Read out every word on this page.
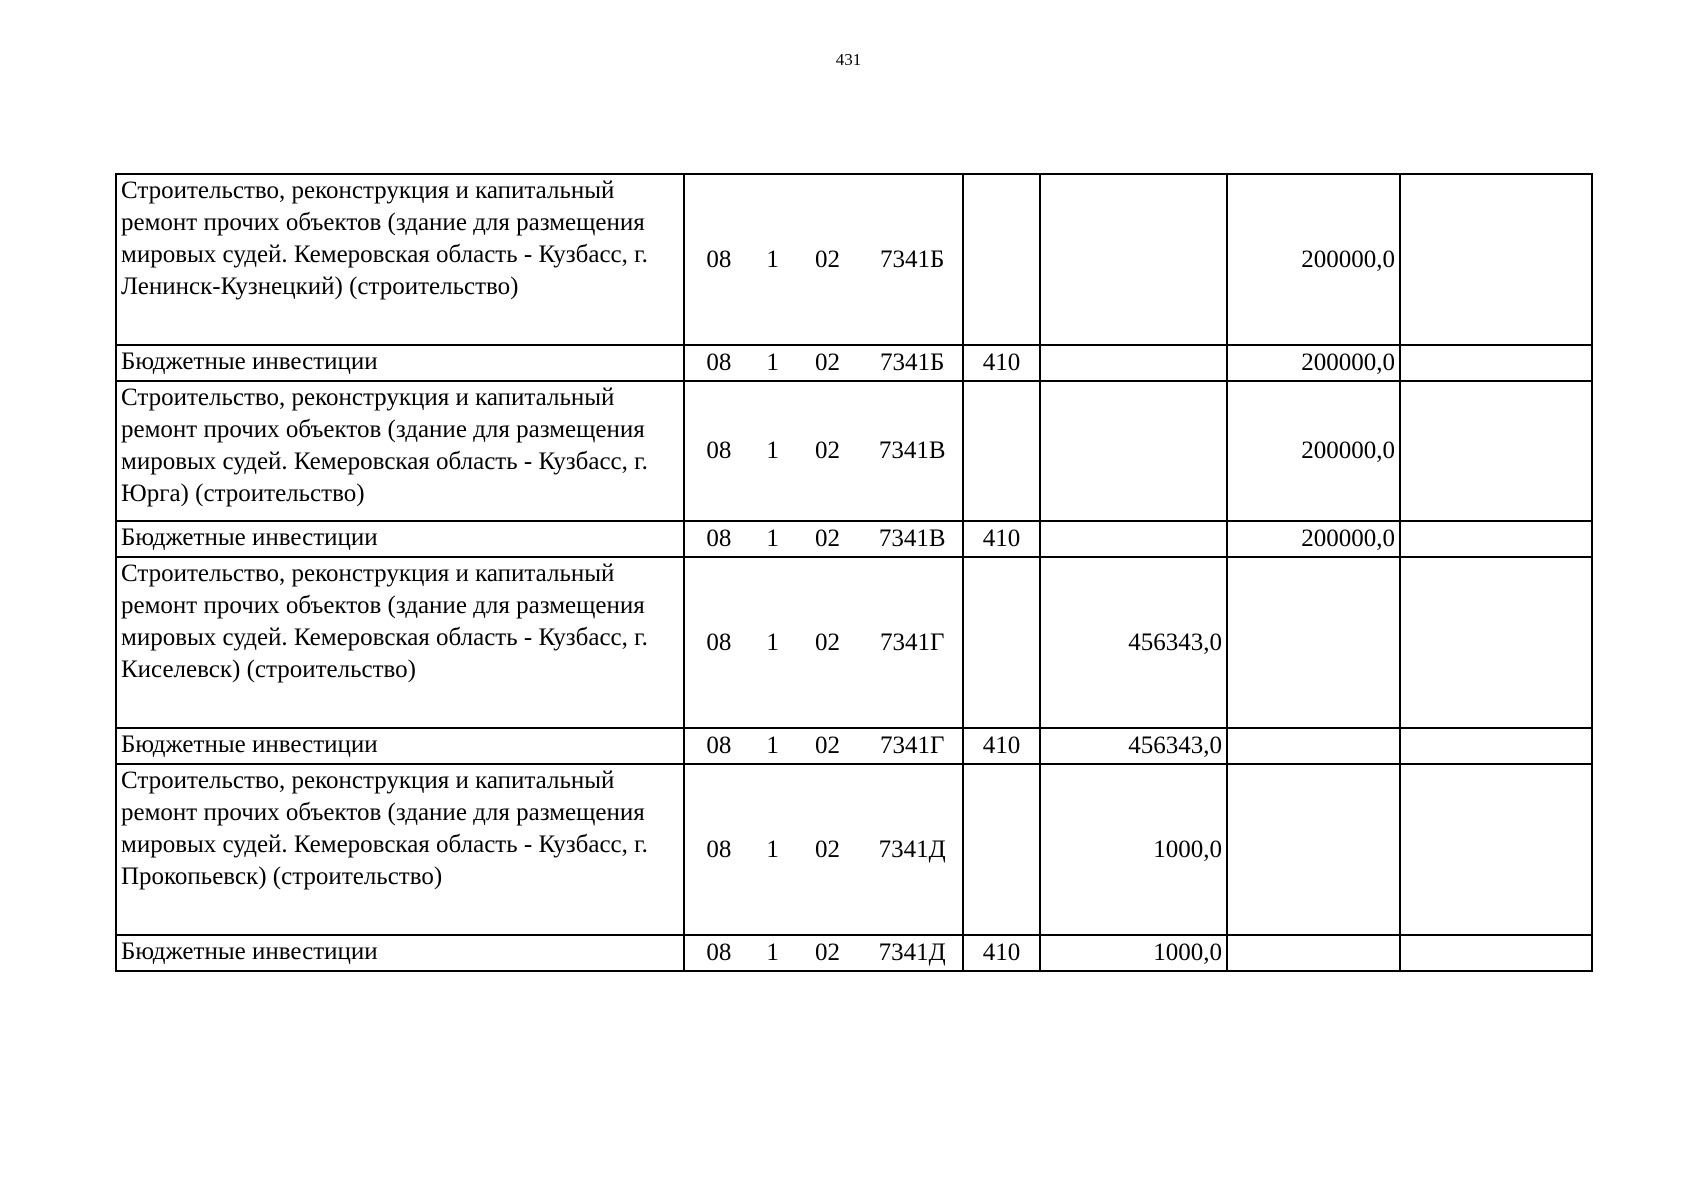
431
Строительство, реконструкция и капитальный ремонт прочих объектов (здание для размещения мировых судей. Кемеровская область - Кузбасс, г. Ленинск-Кузнецкий) (строительство)	08 1 02 7341Б			200000,0	
Бюджетные инвестиции	08 1 02 7341Б	410		200000,0	
Строительство, реконструкция и капитальный ремонт прочих объектов (здание для размещения мировых судей. Кемеровская область - Кузбасс, г. Юрга) (строительство)	08 1 02 7341В			200000,0	
Бюджетные инвестиции	08 1 02 7341В	410		200000,0	
Строительство, реконструкция и капитальный ремонт прочих объектов (здание для размещения мировых судей. Кемеровская область - Кузбасс, г. Киселевск) (строительство)	08 1 02 7341Г		456343,0		
Бюджетные инвестиции	08 1 02 7341Г	410	456343,0		
Строительство, реконструкция и капитальный ремонт прочих объектов (здание для размещения мировых судей. Кемеровская область - Кузбасс, г. Прокопьевск) (строительство)	08 1 02 7341Д		1000,0		
Бюджетные инвестиции	08 1 02 7341Д	410	1000,0		
